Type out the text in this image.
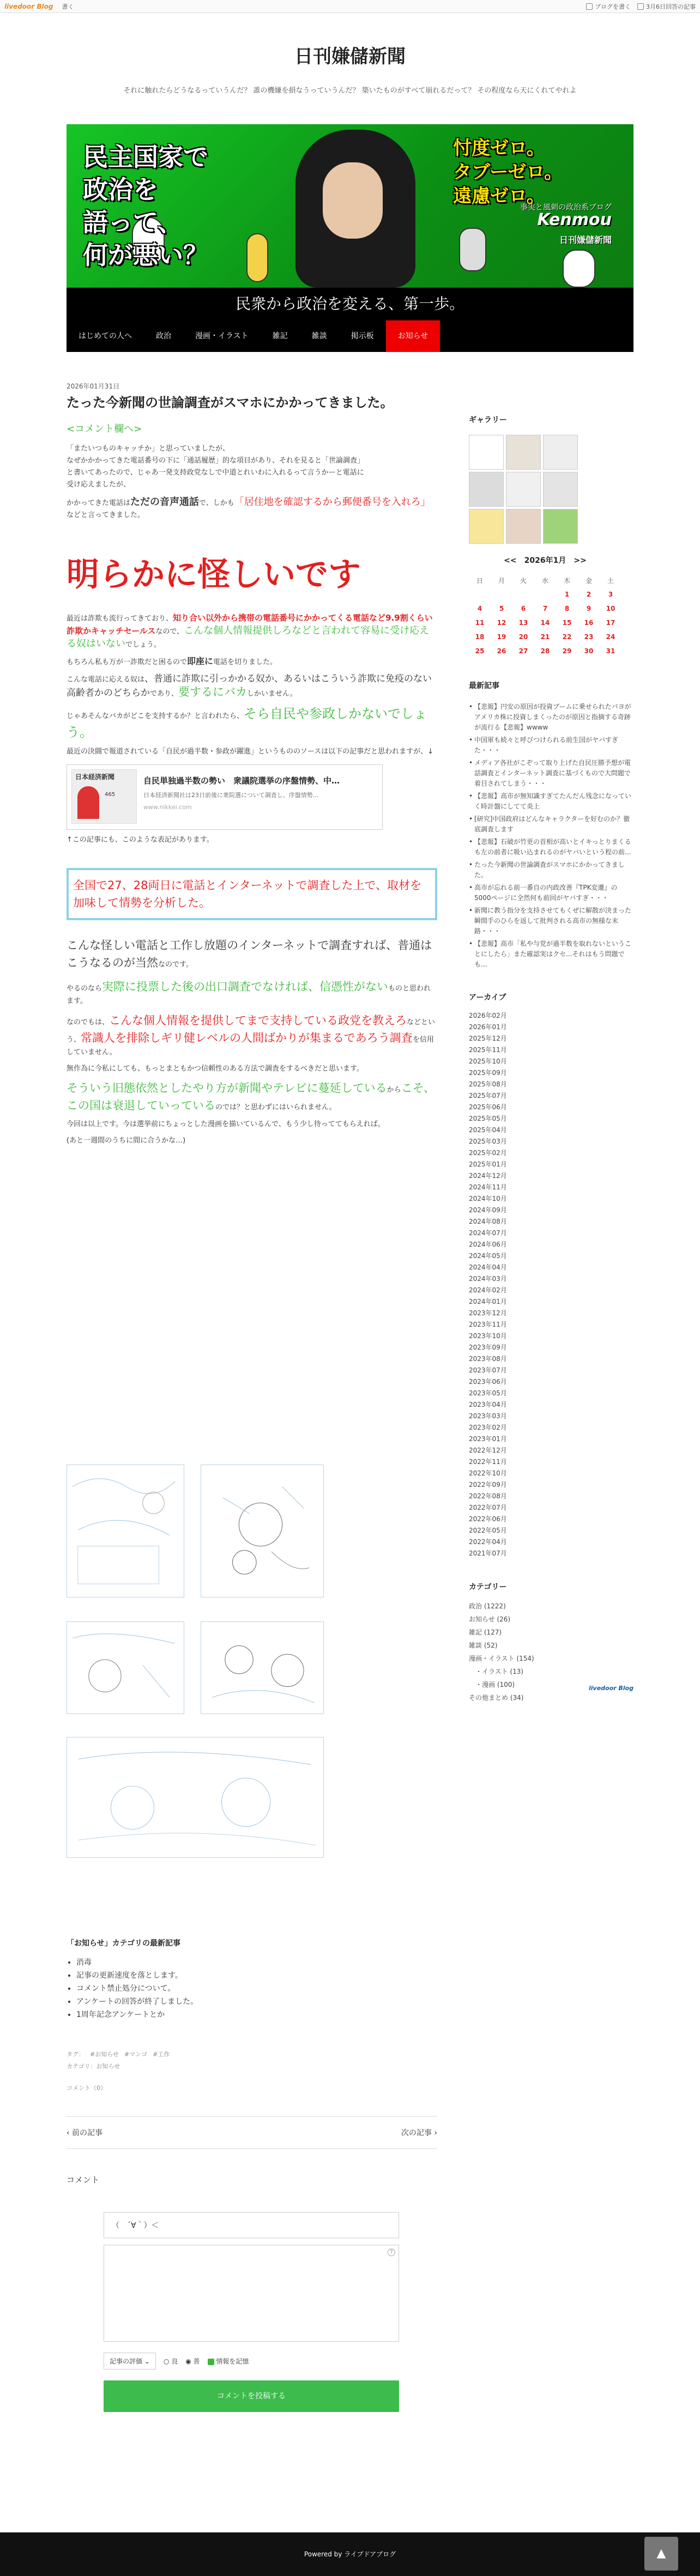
livedoor Blog 書く	ブログを書く	3月6日回答の記事
日刊嫌儲新聞

それに触れたらどうなるっていうんだ？ 誰の機嫌を損なうっていうんだ？ 築いたものがすべて崩れるだって？ その程度なら天にくれてやれよ

民主国家で
政治を
語って、
何が悪い？
忖度ゼロ。
タブーゼロ。
遠慮ゼロ。
事実と風刺の政治系ブログ
Kenmou
日刊嫌儲新聞
民衆から政治を変える、第一歩。
はじめての人へ	政治	漫画・イラスト	雑記	雑談	掲示板	お知らせ
2026年01月31日
たった今新聞の世論調査がスマホにかかってきました。
<コメント欄へ>

「またいつものキャッチか」と思っていましたが、

なぜかかかってきた電話番号の下に「通話履歴」的な項目があり、それを見ると「世論調査」

と書いてあったので、じゃあ一発支持政党なしで中道とれいわに入れるって言うかーと電話に

受け応えましたが、

かかってきた電話はただの音声通話で、しかも「居住地を確認するから郵便番号を入れろ」などと言ってきました。

明らかに怪しいです

最近は詐欺も流行ってきており、知り合い以外から携帯の電話番号にかかってくる電話など9.9割くらい詐欺かキャッチセールスなので、こんな個人情報提供しろなどと言われて容易に受け応える奴はいないでしょう。

もちろん私も万が一詐欺だと困るので即座に電話を切りました。

こんな電話に応える奴は、普通に詐欺に引っかかる奴か、あるいはこういう詐欺に免疫のない高齢者かのどちらかであり、要するにバカしかいません。

じゃあそんなバカがどこを支持するか？と言われたら、そら自民や参政しかないでしょう。

最近の決闘で報道されている「自民が過半数・参政が躍進」というもののソースは以下の記事だと思われますが、↓

日本経済新聞
465
自民単独過半数の勢い　衆議院選挙の序盤情勢、中…
日本経済新聞社は23日前後に衆院選について調査し、序盤情勢…
www.nikkei.com

↑この記事にも、このような表記があります。

全国で27、28両日に電話とインターネットで調査した上で、取材を加味して情勢を分析した。

こんな怪しい電話と工作し放題のインターネットで調査すれば、普通はこうなるのが当然なのです。

やるのなら実際に投票した後の出口調査でなければ、信憑性がないものと思われます。

なのでもは、こんな個人情報を提供してまで支持している政党を教えろなどという、常識人を排除しギリ健レベルの人間ばかりが集まるであろう調査を信用していません。

無作為に今私にしても、もっとまともかつ信頼性のある方法で調査をするべきだと思います。

そういう旧態依然としたやり方が新聞やテレビに蔓延しているからこそ、この国は衰退していっているのでは？と思わずにはいられません。

今回は以上です。今は選挙前にちょっとした漫画を描いているんで、もう少し待っててもらえれば。

(あと一週間のうちに間に合うかな…)

「お知らせ」カテゴリの最新記事
• 消毒
• 記事の更新速度を落とします。
• コメント禁止処分について。
• アンケートの回答が終了しました。
• 1周年記念アンケートとか
タグ： #お知らせ #マンゴ #工作
カテゴリ：お知らせ
コメント（0）
‹ 前の記事	次の記事 ›
コメント
（　´∀｀）＜
?
記事の評価 ⌄	○ 良 ◉ 普	情報を記憶
コメントを投稿する
ギャラリー
<<　2026年1月　>>
日	月	火	水	木	金	土
				1	2	3
4	5	6	7	8	9	10
11	12	13	14	15	16	17
18	19	20	21	22	23	24
25	26	27	28	29	30	31
最新記事
• 【悲報】円安の原因が投資ブームに乗せられたパヨがアメリカ株に投資しまくったのが原因と指摘する奇跡が流行る【悲報】wwww
• 中国軍も続々と呼びつけられる前生国がヤバすぎた・・・
• メディア各社がこぞって取り上げた自民圧勝予想が電話調査とインターネット調査に基づくもので大問題で着目されてしまう・・・
• 【悲報】高市が無知識すぎてたんだん残念になっていく時計盤にしてて炎上
• [研究]中国政府はどんなキャラクターを好むのか？徹底調査します
• 【悲報】石破が竹更の首相が高いとイキっとりまくるも左の前者に吸い込まれるのがヤバいという程の前...
• たった今新聞の世論調査がスマホにかかってきました。
• 高市が忘れる前一番自の内政改善『TPK変遷』の5000ページに全然何も前回がヤバすぎ・・・
• 新聞に教う指分を支持させてもくぜに解散が決まった瞬間手のひらを返して批判される高市の無様な末路・・・
• 【悲報】高市「私や与党が過半数を取れないということにしたら」また確認実はクセ...それはもう問題でも...
アーカイブ
2026年02月
2026年01月
2025年12月
2025年11月
2025年10月
2025年09月
2025年08月
2025年07月
2025年06月
2025年05月
2025年04月
2025年03月
2025年02月
2025年01月
2024年12月
2024年11月
2024年10月
2024年09月
2024年08月
2024年07月
2024年06月
2024年05月
2024年04月
2024年03月
2024年02月
2024年01月
2023年12月
2023年11月
2023年10月
2023年09月
2023年08月
2023年07月
2023年06月
2023年05月
2023年04月
2023年03月
2023年02月
2023年01月
2022年12月
2022年11月
2022年10月
2022年09月
2022年08月
2022年07月
2022年06月
2022年05月
2022年04月
2021年07月
カテゴリー
政治 (1222)
お知らせ (26)
雑記 (127)
雑談 (52)
漫画・イラスト (154)
・イラスト (13)
・漫画 (100)
その他まとめ (34)
livedoor Blog
Powered by ライブドアブログ	▲
